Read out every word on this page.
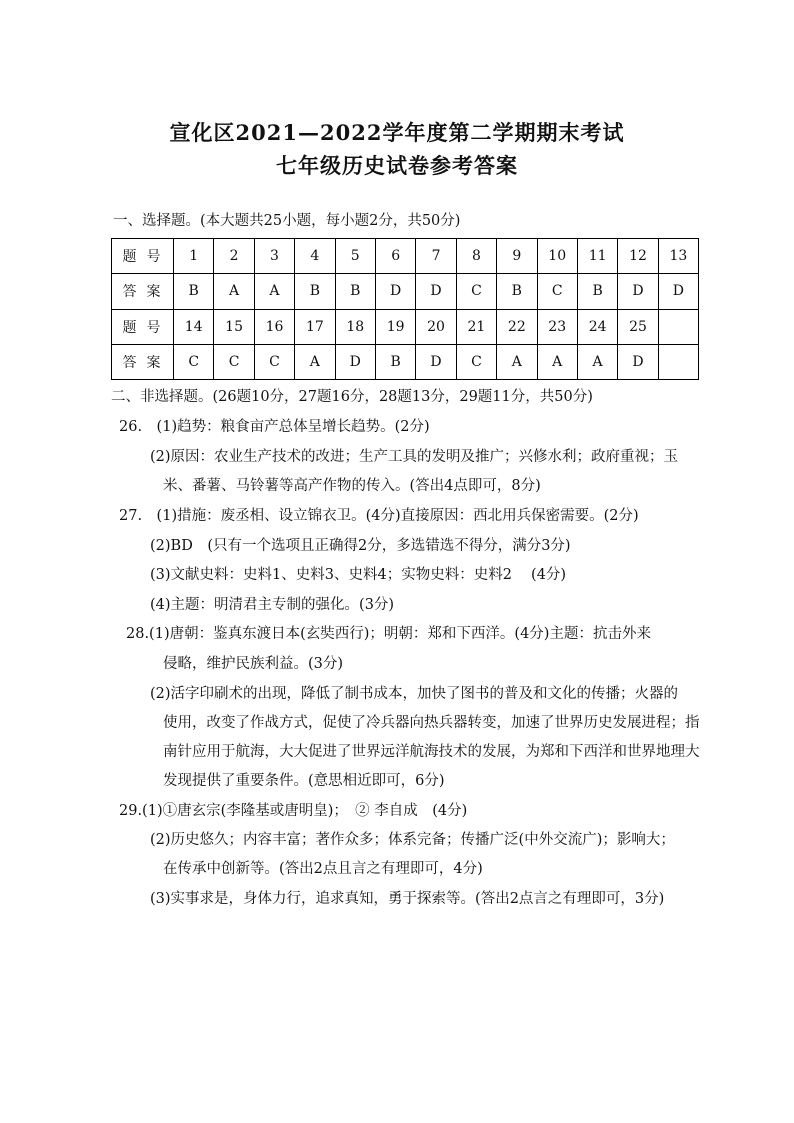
宣化区2021—2022学年度第二学期期末考试
七年级历史试卷参考答案
一、选择题。(本大题共25小题，每小题2分，共50分)
题号	1	2	3	4	5	6	7	8	9	10	11	12	13
答案	B	A	A	B	B	D	D	C	B	C	B	D	D
题号	14	15	16	17	18	19	20	21	22	23	24	25	
答案	C	C	C	A	D	B	D	C	A	A	A	D	
二、非选择题。(26题10分，27题16分，28题13分，29题11分，共50分)
26.　(1)趋势：粮食亩产总体呈增长趋势。(2分)
(2)原因：农业生产技术的改进；生产工具的发明及推广；兴修水利；政府重视；玉
米、番薯、马铃薯等高产作物的传入。(答出4点即可，8分)
27.　(1)措施：废丞相、设立锦衣卫。(4分)直接原因：西北用兵保密需要。(2分)
(2)BD　(只有一个选项且正确得2分，多选错选不得分，满分3分)
(3)文献史料：史料1、史料3、史料4；实物史料：史料2　 (4分)
(4)主题：明清君主专制的强化。(3分)
28.(1)唐朝：鉴真东渡日本(玄奘西行)；明朝：郑和下西洋。(4分)主题：抗击外来
侵略，维护民族利益。(3分)
(2)活字印刷术的出现，降低了制书成本，加快了图书的普及和文化的传播；火器的
使用，改变了作战方式，促使了冷兵器向热兵器转变，加速了世界历史发展进程；指
南针应用于航海，大大促进了世界远洋航海技术的发展，为郑和下西洋和世界地理大
发现提供了重要条件。(意思相近即可，6分)
29.(1)①唐玄宗(李隆基或唐明皇)；　② 李自成　(4分)
(2)历史悠久；内容丰富；著作众多；体系完备；传播广泛(中外交流广)；影响大；
在传承中创新等。(答出2点且言之有理即可，4分)
(3)实事求是，身体力行，追求真知，勇于探索等。(答出2点言之有理即可，3分)
